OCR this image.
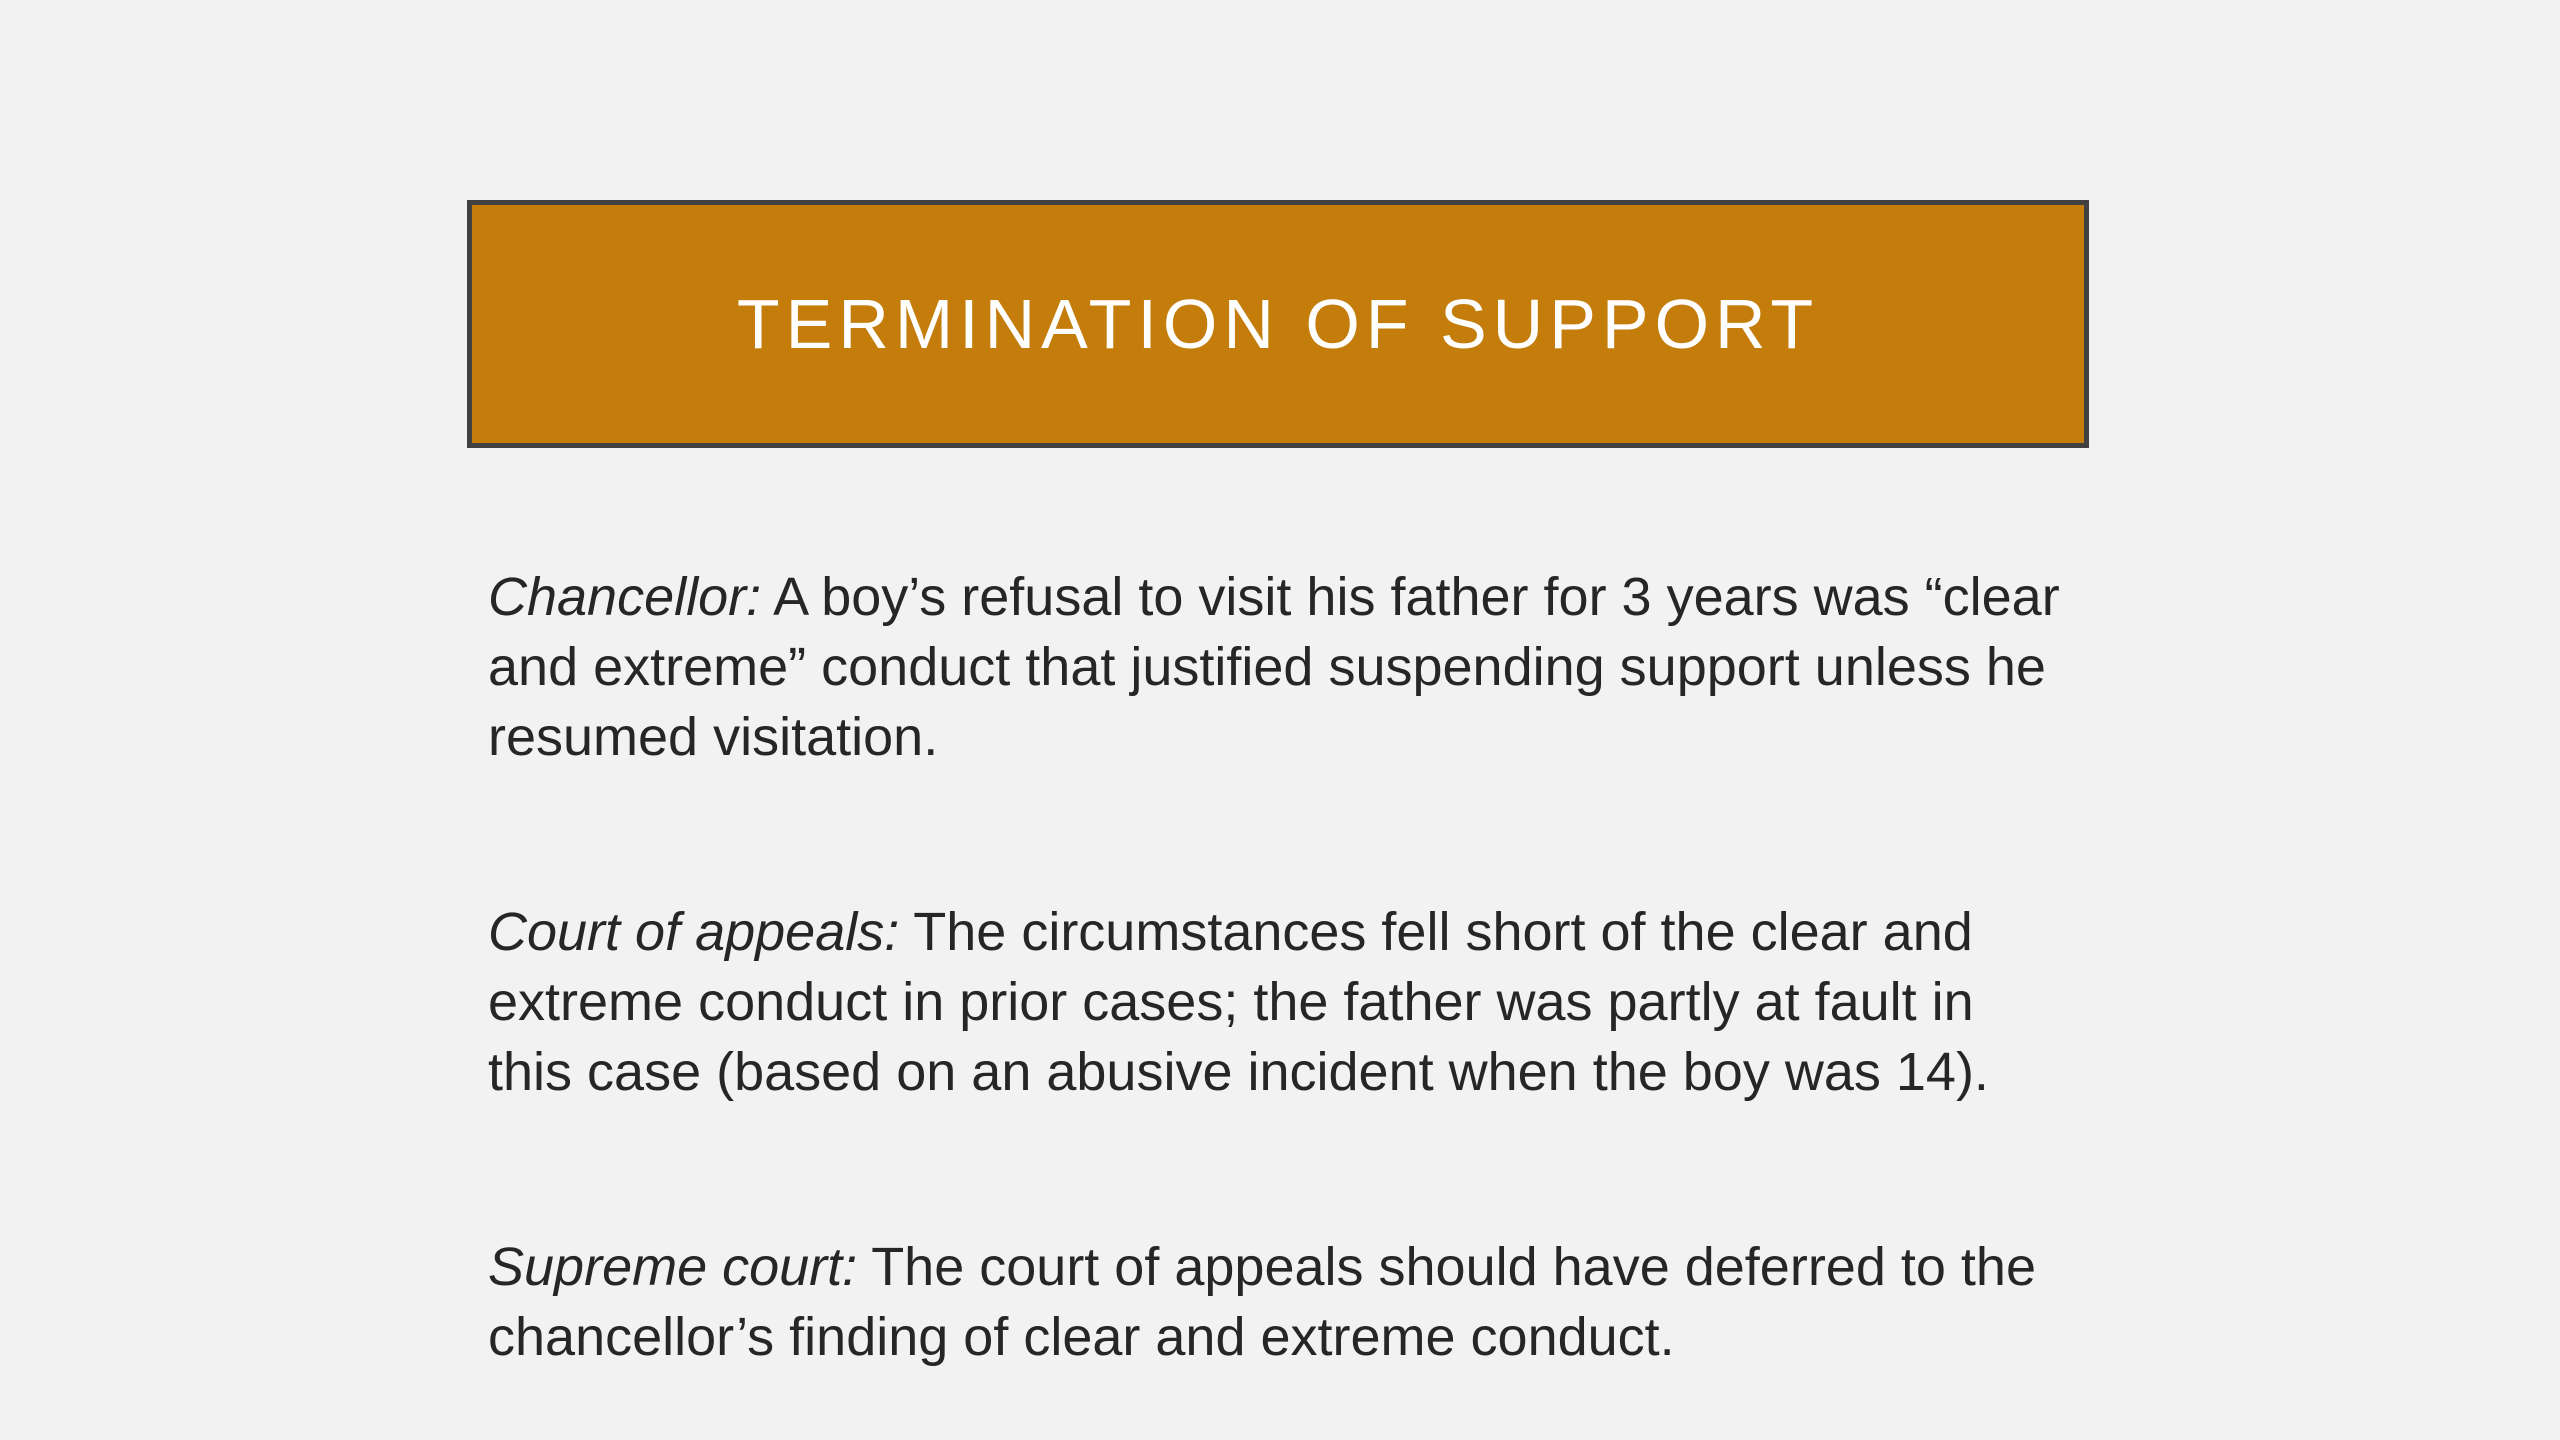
TERMINATION OF SUPPORT

Chancellor: A boy’s refusal to visit his father for 3 years was “clear and extreme” conduct that justified suspending support unless he resumed visitation.

Court of appeals: The circumstances fell short of the clear and extreme conduct in prior cases; the father was partly at fault in this case (based on an abusive incident when the boy was 14).

Supreme court: The court of appeals should have deferred to the chancellor’s finding of clear and extreme conduct.
